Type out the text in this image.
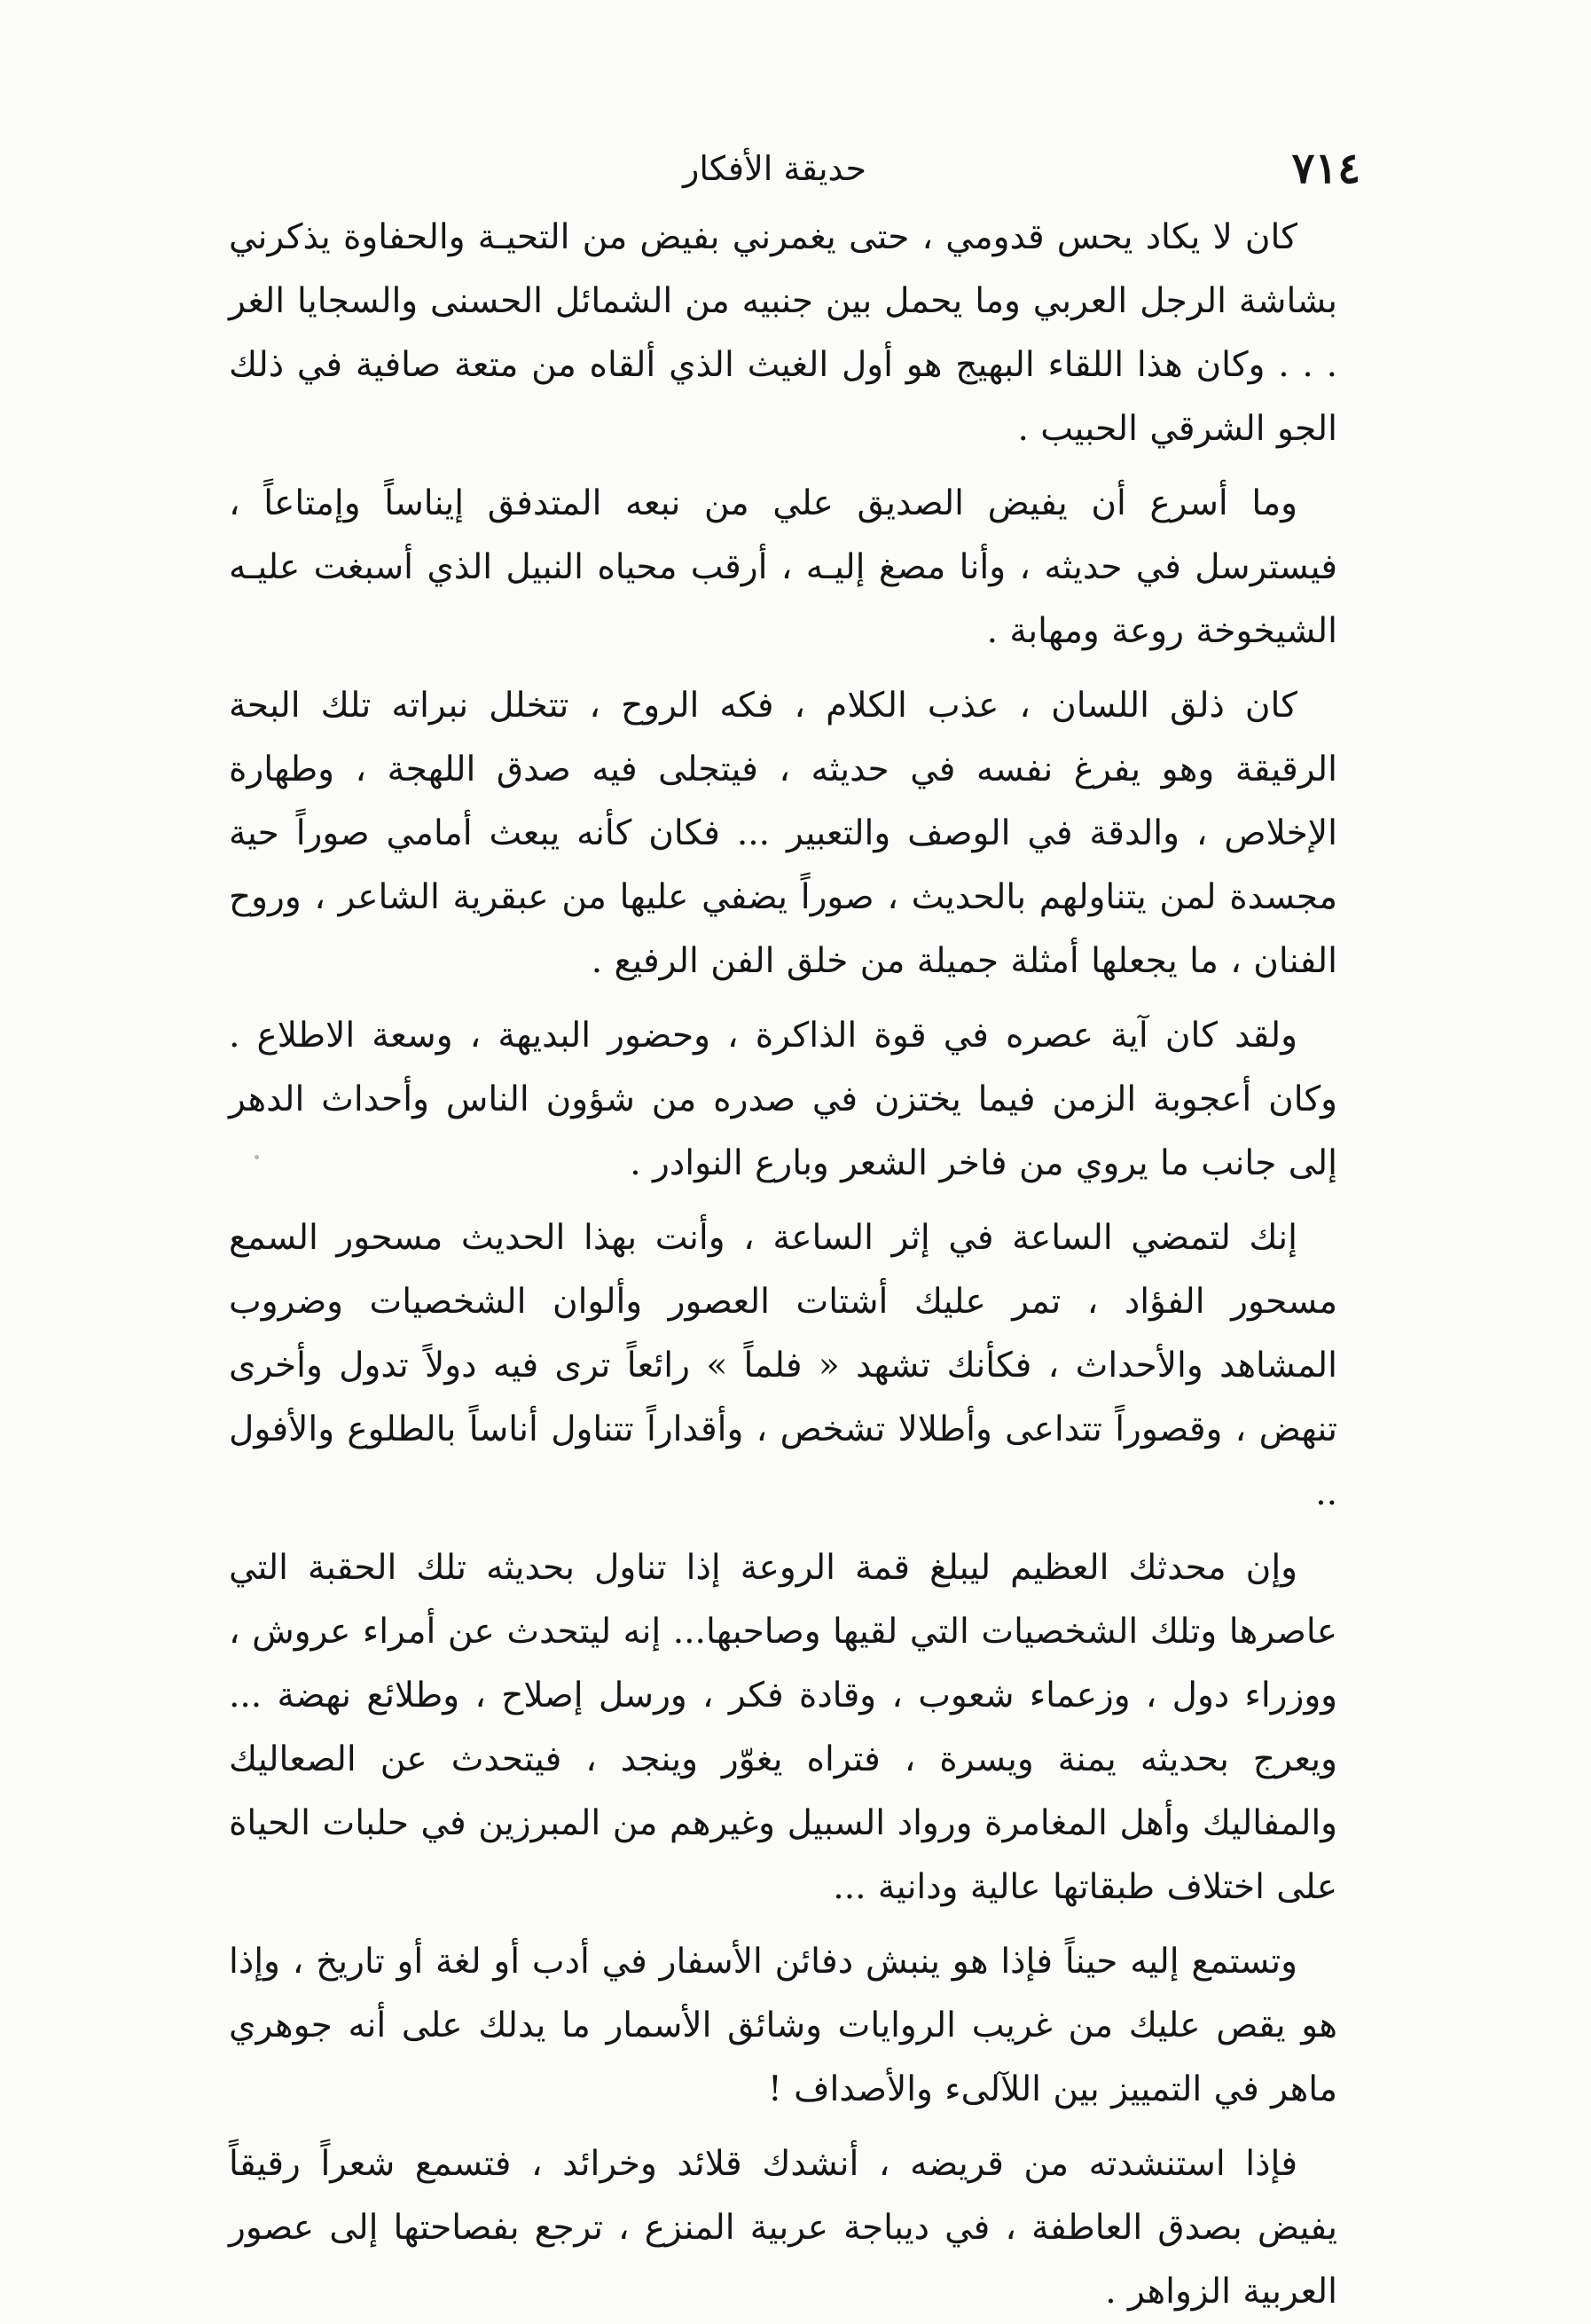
حديقة الأفكار	٧١٤

كان لا يكاد يحس قدومي ، حتى يغمرني بفيض من التحيـة والحفاوة يذكرني بشاشة الرجل العربي وما يحمل بين جنبيه من الشمائل الحسنى والسجايا الغر . . . وكان هذا اللقاء البهيج هو أول الغيث الذي ألقاه من متعة صافية في ذلك الجو الشرقي الحبيب .

وما أسرع أن يفيض الصديق علي من نبعه المتدفق إيناساً وإمتاعاً ، فيسترسل في حديثه ، وأنا مصغ إليـه ، أرقب محياه النبيل الذي أسبغت عليـه الشيخوخة روعة ومهابة .

كان ذلق اللسان ، عذب الكلام ، فكه الروح ، تتخلل نبراته تلك البحة الرقيقة وهو يفرغ نفسه في حديثه ، فيتجلى فيه صدق اللهجة ، وطهارة الإخلاص ، والدقة في الوصف والتعبير ... فكان كأنه يبعث أمامي صوراً حية مجسدة لمن يتناولهم بالحديث ، صوراً يضفي عليها من عبقرية الشاعر ، وروح الفنان ، ما يجعلها أمثلة جميلة من خلق الفن الرفيع .

ولقد كان آية عصره في قوة الذاكرة ، وحضور البديهة ، وسعة الاطلاع . وكان أعجوبة الزمن فيما يختزن في صدره من شؤون الناس وأحداث الدهر إلى جانب ما يروي من فاخر الشعر وبارع النوادر .

إنك لتمضي الساعة في إثر الساعة ، وأنت بهذا الحديث مسحور السمع مسحور الفؤاد ، تمر عليك أشتات العصور وألوان الشخصيات وضروب المشاهد والأحداث ، فكأنك تشهد « فلماً » رائعاً ترى فيه دولاً تدول وأخرى تنهض ، وقصوراً تتداعى وأطلالا تشخص ، وأقداراً تتناول أناساً بالطلوع والأفول ..

وإن محدثك العظيم ليبلغ قمة الروعة إذا تناول بحديثه تلك الحقبة التي عاصرها وتلك الشخصيات التي لقيها وصاحبها... إنه ليتحدث عن أمراء عروش ، ووزراء دول ، وزعماء شعوب ، وقادة فكر ، ورسل إصلاح ، وطلائع نهضة ... ويعرج بحديثه يمنة ويسرة ، فتراه يغوّر وينجد ، فيتحدث عن الصعاليك والمفاليك وأهل المغامرة ورواد السبيل وغيرهم من المبرزين في حلبات الحياة على اختلاف طبقاتها عالية ودانية ...

وتستمع إليه حيناً فإذا هو ينبش دفائن الأسفار في أدب أو لغة أو تاريخ ، وإذا هو يقص عليك من غريب الروايات وشائق الأسمار ما يدلك على أنه جوهري ماهر في التمييز بين اللآلىء والأصداف !

فإذا استنشدته من قريضه ، أنشدك قلائد وخرائد ، فتسمع شعراً رقيقاً يفيض بصدق العاطفة ، في ديباجة عربية المنزع ، ترجع بفصاحتها إلى عصور العربية الزواهر .
